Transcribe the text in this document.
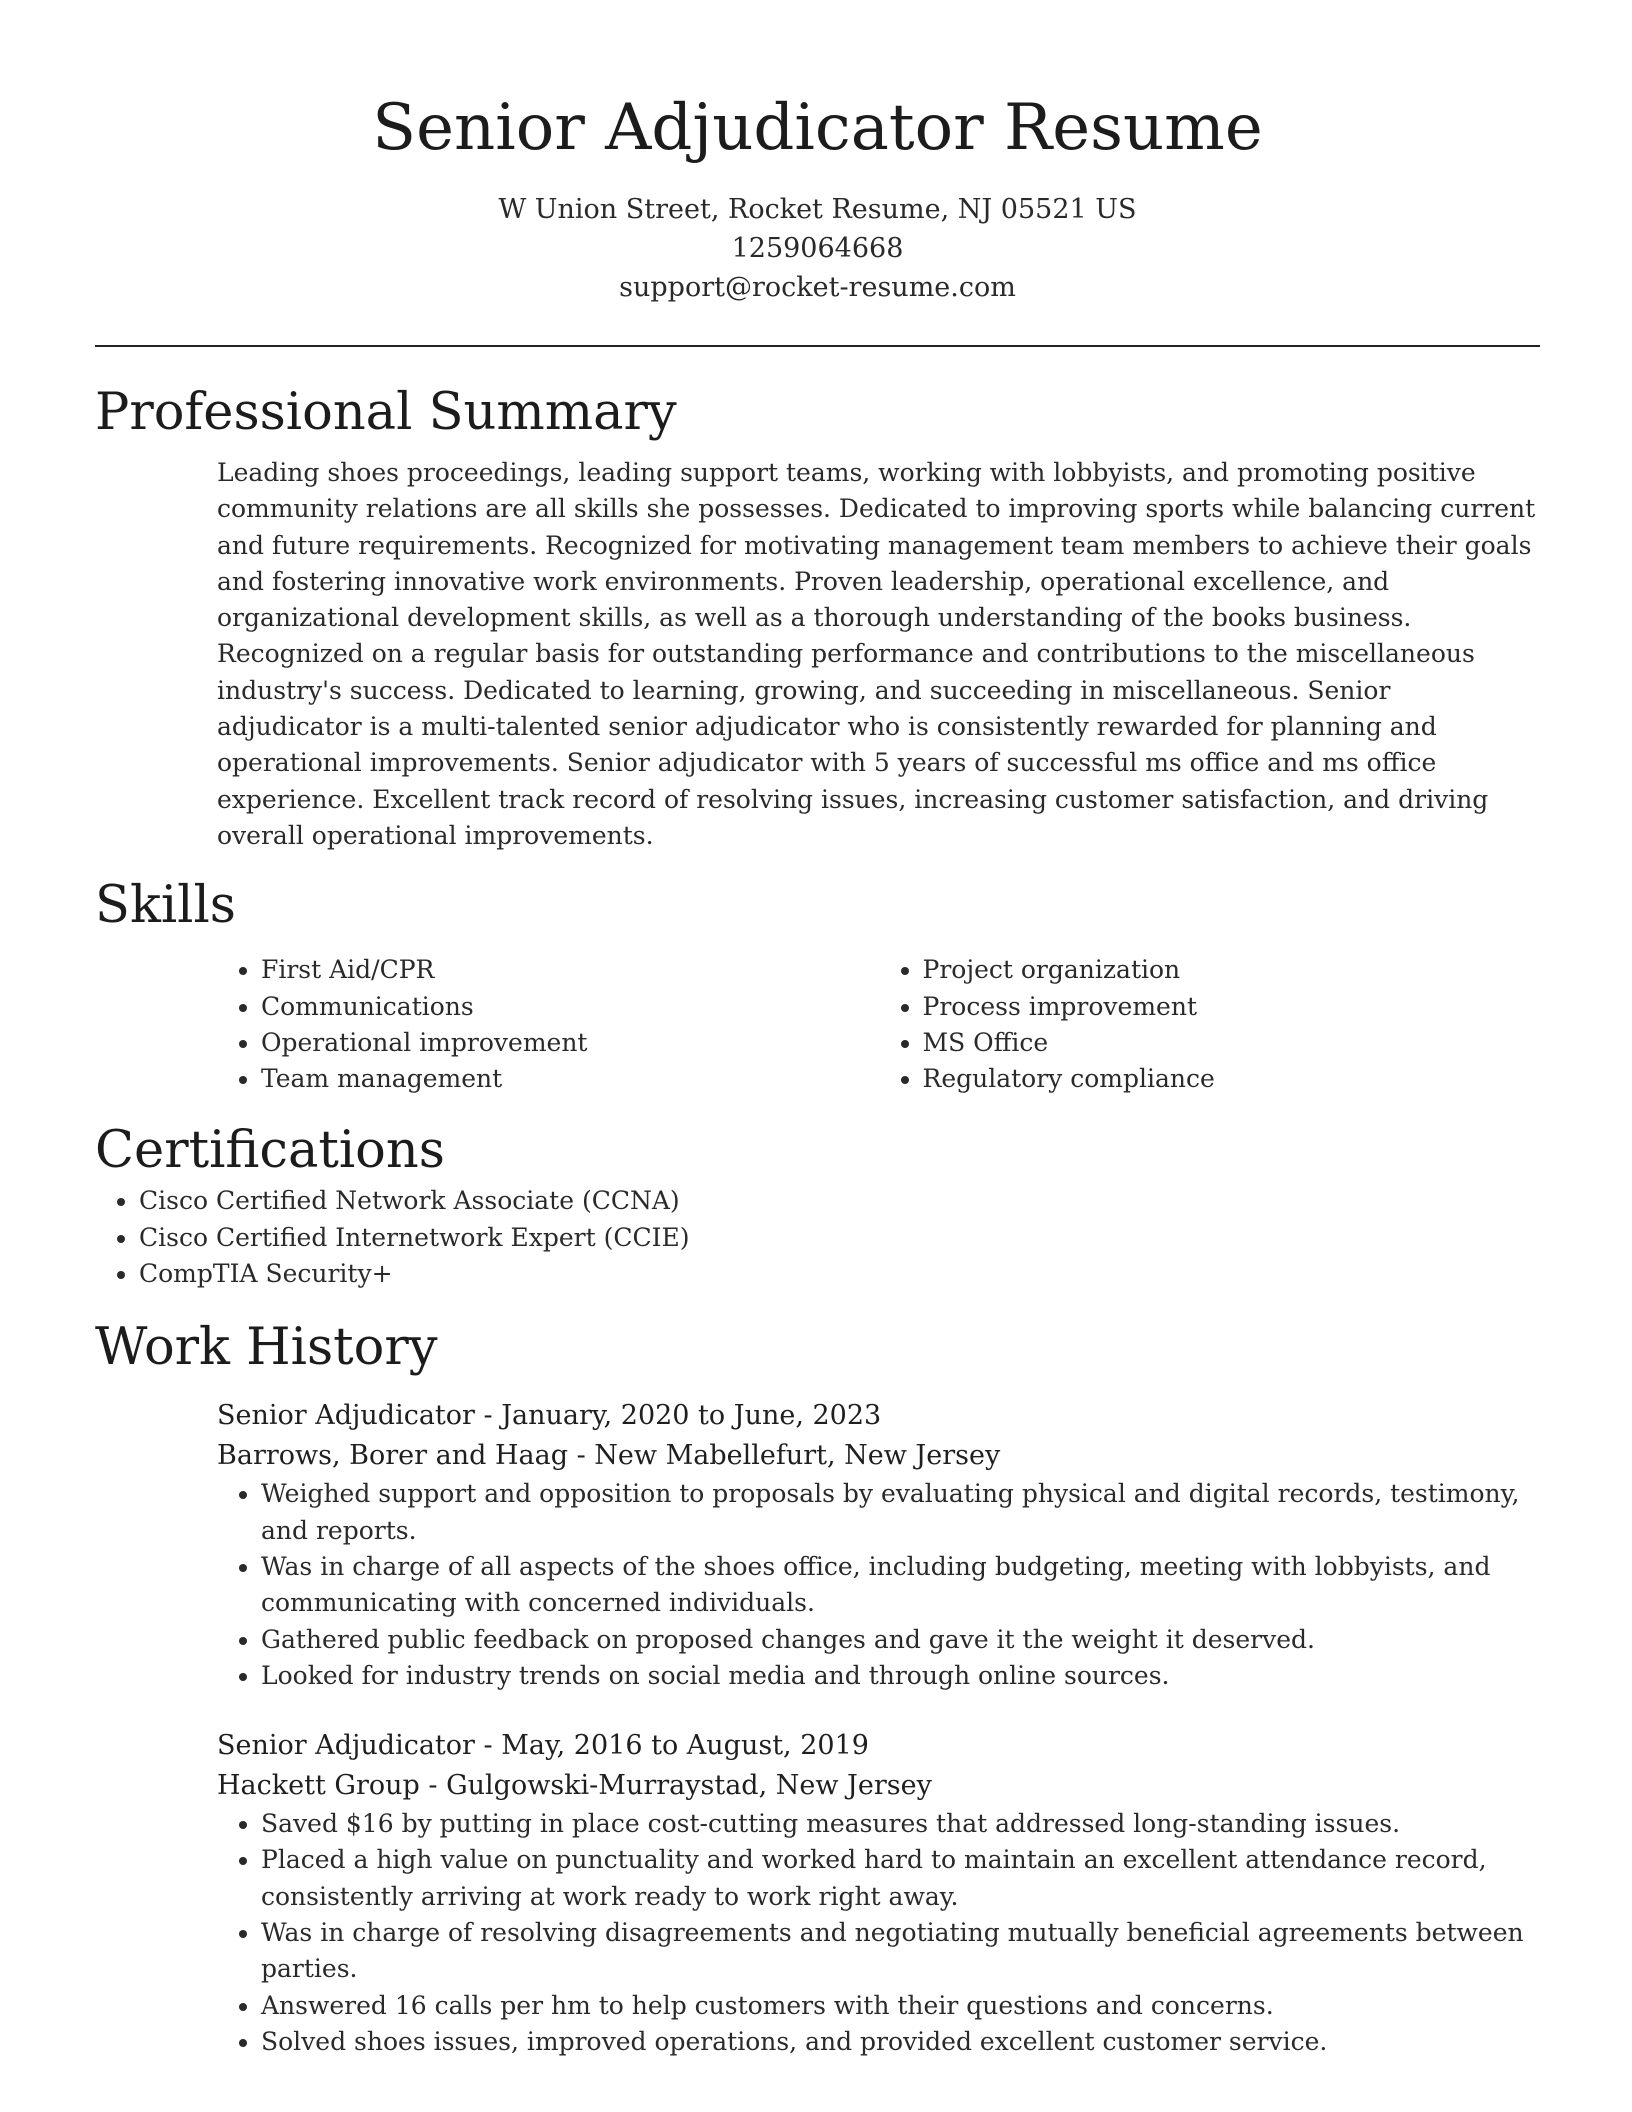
Senior Adjudicator Resume
W Union Street, Rocket Resume, NJ 05521 US
1259064668
support@rocket-resume.com
Professional Summary

Leading shoes proceedings, leading support teams, working with lobbyists, and promoting positive community relations are all skills she possesses. Dedicated to improving sports while balancing current and future requirements. Recognized for motivating management team members to achieve their goals and fostering innovative work environments. Proven leadership, operational excellence, and organizational development skills, as well as a thorough understanding of the books business. Recognized on a regular basis for outstanding performance and contributions to the miscellaneous industry's success. Dedicated to learning, growing, and succeeding in miscellaneous. Senior adjudicator is a multi-talented senior adjudicator who is consistently rewarded for planning and operational improvements. Senior adjudicator with 5 years of successful ms office and ms office experience. Excellent track record of resolving issues, increasing customer satisfaction, and driving overall operational improvements.

Skills
• First Aid/CPR
• Communications
• Operational improvement
• Team management
• Project organization
• Process improvement
• MS Office
• Regulatory compliance
Certifications
• Cisco Certified Network Associate (CCNA)
• Cisco Certified Internetwork Expert (CCIE)
• CompTIA Security+
Work History
Senior Adjudicator - January, 2020 to June, 2023
Barrows, Borer and Haag - New Mabellefurt, New Jersey
• Weighed support and opposition to proposals by evaluating physical and digital records, testimony, and reports.
• Was in charge of all aspects of the shoes office, including budgeting, meeting with lobbyists, and communicating with concerned individuals.
• Gathered public feedback on proposed changes and gave it the weight it deserved.
• Looked for industry trends on social media and through online sources.
Senior Adjudicator - May, 2016 to August, 2019
Hackett Group - Gulgowski-Murraystad, New Jersey
• Saved $16 by putting in place cost-cutting measures that addressed long-standing issues.
• Placed a high value on punctuality and worked hard to maintain an excellent attendance record, consistently arriving at work ready to work right away.
• Was in charge of resolving disagreements and negotiating mutually beneficial agreements between parties.
• Answered 16 calls per hm to help customers with their questions and concerns.
• Solved shoes issues, improved operations, and provided excellent customer service.
